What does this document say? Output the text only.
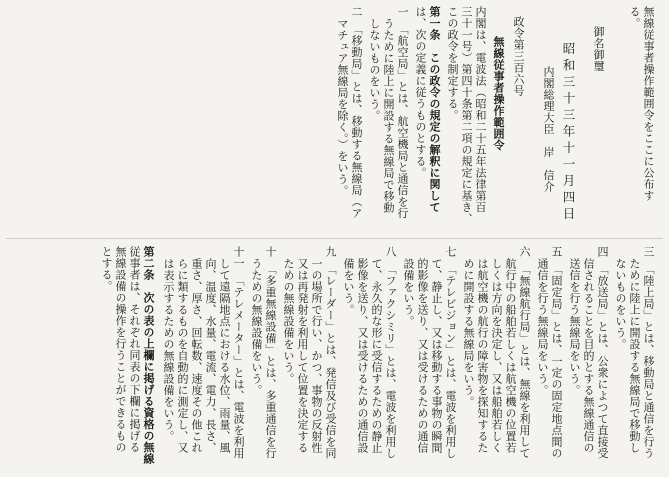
無線従事者操作範囲令をここに公布す
る。
御名御璽
昭和三十三年十一月四日
内閣総理大臣　岸　信介
政令第三百六号
無線従事者操作範囲令
内閣は、電波法（昭和二十五年法律第百
三十一号）第四十条第二項の規定に基き、
この政令を制定する。
第一条　この政令の規定の解釈に関して
は、次の定義に従うものとする。
一　「航空局」とは、航空機局と通信を行
うために陸上に開設する無線局で移動
しないものをいう。
二　「移動局」とは、移動する無線局（ア
マチュア無線局を除く。）をいう。
三　「陸上局」とは、移動局と通信を行う
ために陸上に開設する無線局で移動し
ないものをいう。
四　「放送局」とは、公衆によつて直接受
信されることを目的とする無線通信の
送信を行う無線局をいう。
五　「固定局」とは、一定の固定地点間の
通信を行う無線局をいう。
六　「無線航行局」とは、無線を利用して
航行中の船舶若しくは航空機の位置若
しくは方向を決定し、又は船舶若しく
は航空機の航行の障害物を探知するた
めに開設する無線局をいう。
七　「テレビジョン」とは、電波を利用し
て、静止し、又は移動する事物の瞬間
的影像を送り、又は受けるための通信
設備をいう。
八　「ファクシミリ」とは、電波を利用し
て、永久的な形に受信するための静止
影像を送り、又は受けるための通信設
備をいう。
九　「レーダー」とは、発信及び受信を同
一の場所で行い、かつ、事物の反射性
又は再発射を利用して位置を決定する
ための無線設備をいう。
十　「多重無線設備」とは、多重通信を行
うための無線設備をいう。
十一　「テレメーター」とは、電波を利用
して遠隔地点における水位、雨量、風
向、温度、水量、電流、電力、長さ、
重さ、厚さ、回転数、速度その他これ
らに類するものを自動的に測定し、又
は表示するための無線設備をいう。
第二条　次の表の上欄に掲げる資格の無線
従事者は、それぞれ同表の下欄に掲げる
無線設備の操作を行うことができるもの
とする。
